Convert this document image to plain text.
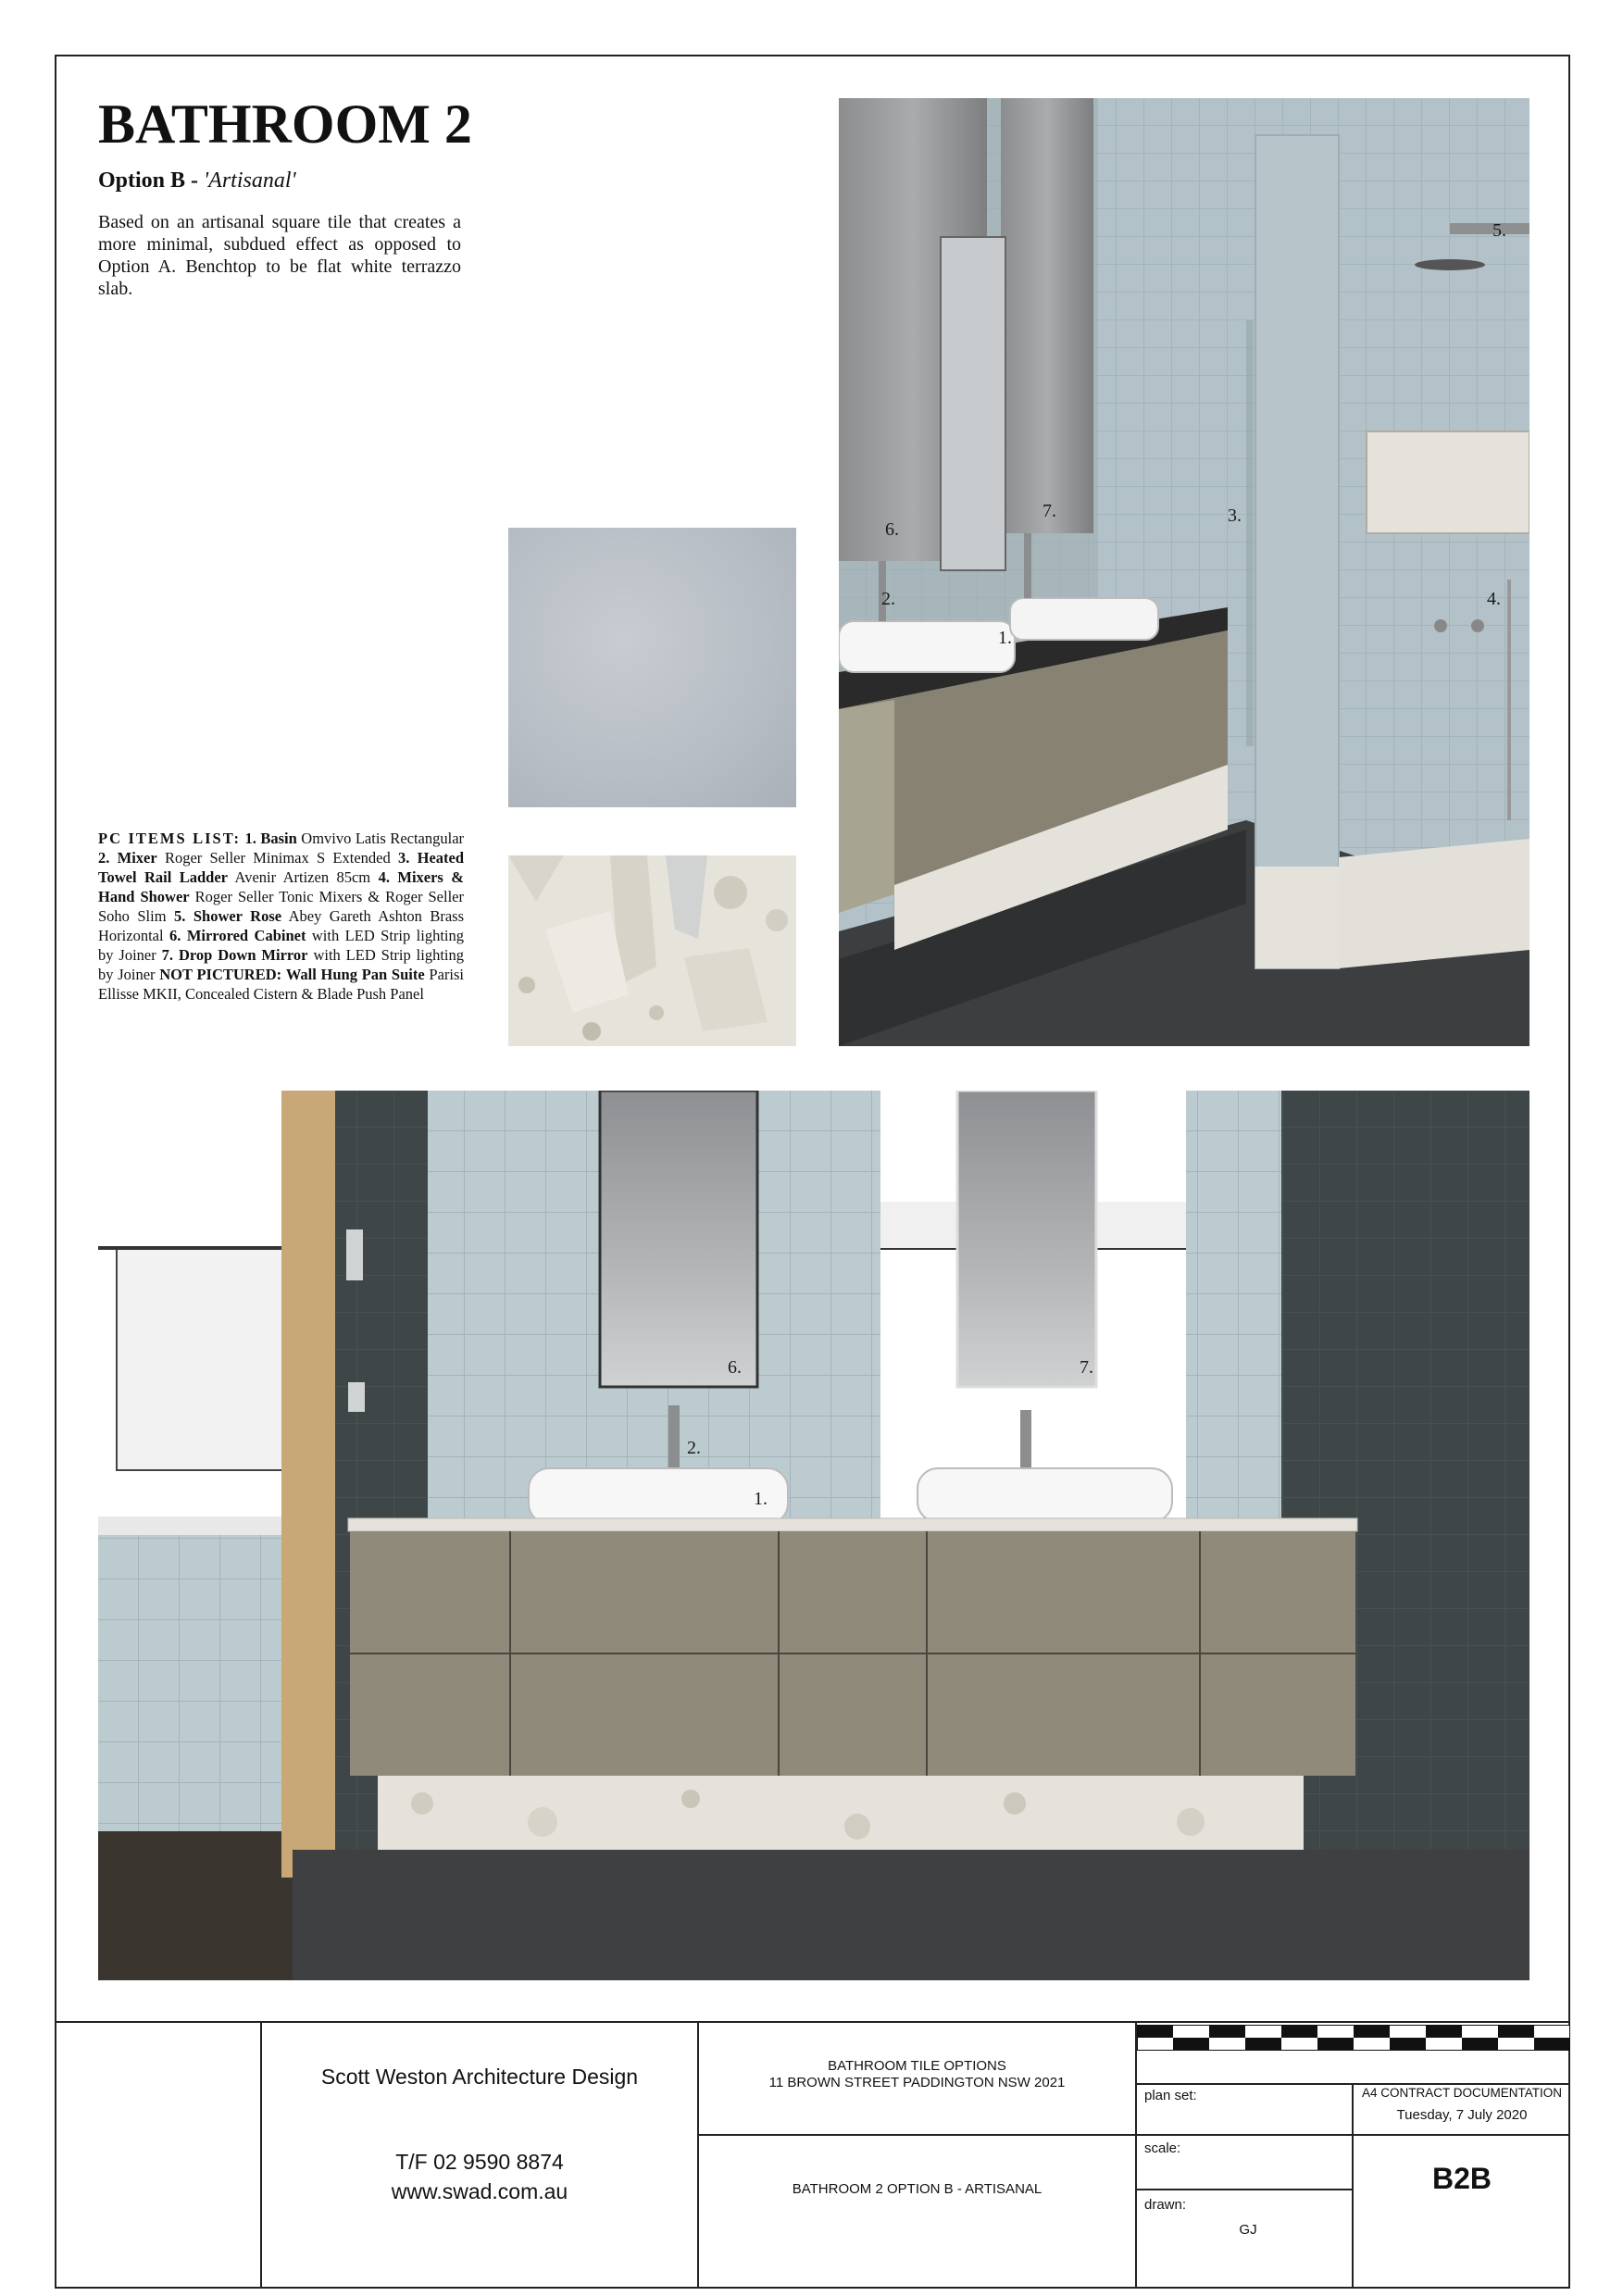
BATHROOM 2
Option B - 'Artisanal'
Based on an artisanal square tile that creates a more minimal, subdued effect as opposed to Option A. Benchtop to be flat white terrazzo slab.
PC ITEMS LIST: 1. Basin Omvivo Latis Rectangular 2. Mixer Roger Seller Minimax S Extended 3. Heated Towel Rail Ladder Avenir Artizen 85cm 4. Mixers & Hand Shower Roger Seller Tonic Mixers & Roger Seller Soho Slim 5. Shower Rose Abey Gareth Ashton Brass Horizontal 6. Mirrored Cabinet with LED Strip lighting by Joiner 7. Drop Down Mirror with LED Strip lighting by Joiner NOT PICTURED: Wall Hung Pan Suite Parisi Ellisse MKII, Concealed Cistern & Blade Push Panel
6.
7.	3.
5.
2.
1.
4.
6.	7.
2.
1.
Scott Weston Architecture Design
T/F 02 9590 8874
www.swad.com.au
BATHROOM TILE OPTIONS
11 BROWN STREET PADDINGTON NSW 2021
BATHROOM 2 OPTION B - ARTISANAL
plan set:	A4 CONTRACT DOCUMENTATION
Tuesday, 7 July 2020
scale:
drawn:
GJ
B2B
